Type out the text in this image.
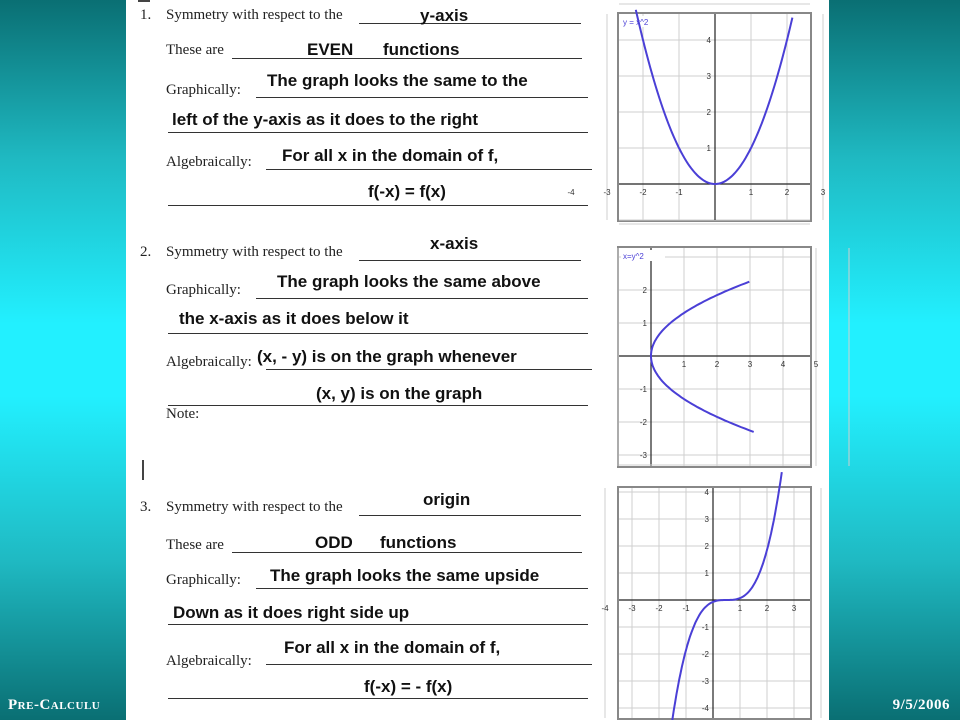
Pre-Calculu	9/5/2006
1. Symmetry with respect to the	y-axis
These are	EVEN functions
Graphically: The graph looks the same to the
left of the y-axis as it does to the right
Algebraically: For all x in the domain of f,
f(-x) = f(x)
2. Symmetry with respect to the	x-axis
Graphically: The graph looks the same above
the x-axis as it does below it
Algebraically: (x, - y) is on the graph whenever
(x, y) is on the graph
Note:
3. Symmetry with respect to the	origin
These are	ODD functions
Graphically: The graph looks the same upside
Down as it does right side up
Algebraically:
For all x in the domain of f,
f(-x) = - f(x)
-4	-3	-2	-1	1	2	3
4
3
2
1
y = x^2
1	2	3	4	5
2
1
-1
-2
-3
x=y^2
-4 -3 -2 -1	1	2	3
4
3
2
1
-1
-2
-3
-4
